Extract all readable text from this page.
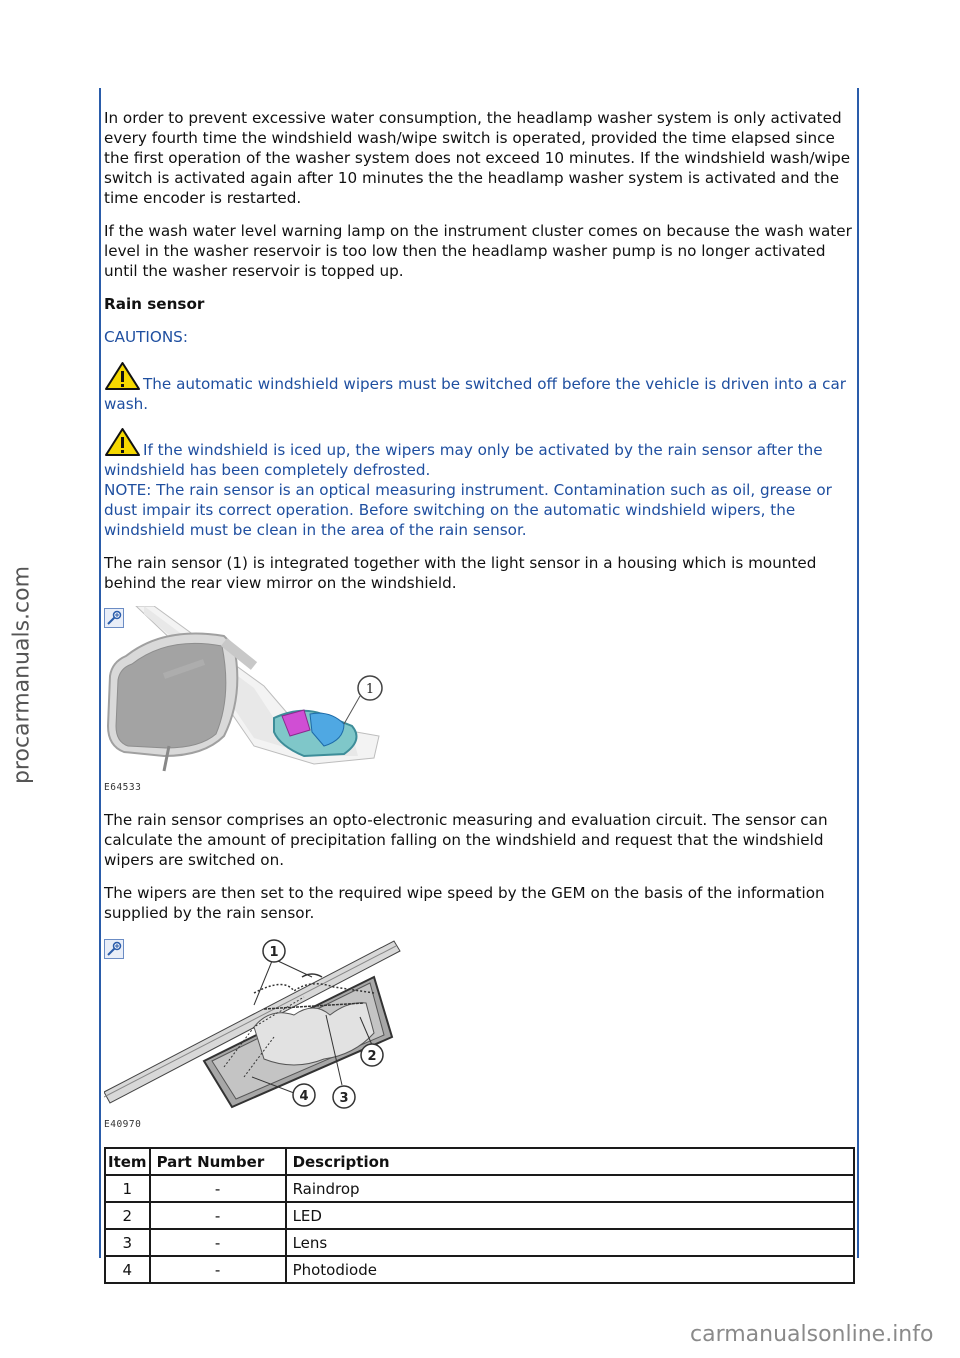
procarmanuals.com

In order to prevent excessive water consumption, the headlamp washer system is only activated every fourth time the windshield wash/wipe switch is operated, provided the time elapsed since the first operation of the washer system does not exceed 10 minutes. If the windshield wash/wipe switch is activated again after 10 minutes the the headlamp washer system is activated and the time encoder is restarted.

If the wash water level warning lamp on the instrument cluster comes on because the wash water level in the washer reservoir is too low then the headlamp washer pump is no longer activated until the washer reservoir is topped up.

Rain sensor

CAUTIONS:

The automatic windshield wipers must be switched off before the vehicle is driven into a car wash.

If the windshield is iced up, the wipers may only be activated by the rain sensor after the windshield has been completely defrosted.

NOTE: The rain sensor is an optical measuring instrument. Contamination such as oil, grease or dust impair its correct operation. Before switching on the automatic windshield wipers, the windshield must be clean in the area of the rain sensor.

The rain sensor (1) is integrated together with the light sensor in a housing which is mounted behind the rear view mirror on the windshield.

1
E64533

The rain sensor comprises an opto-electronic measuring and evaluation circuit. The sensor can calculate the amount of precipitation falling on the windshield and request that the windshield wipers are switched on.

The wipers are then set to the required wipe speed by the GEM on the basis of the information supplied by the rain sensor.

1
2
3
4
E40970
Item	Part Number	Description
1	-	Raindrop
2	-	LED
3	-	Lens
4	-	Photodiode
carmanualsonline.info
